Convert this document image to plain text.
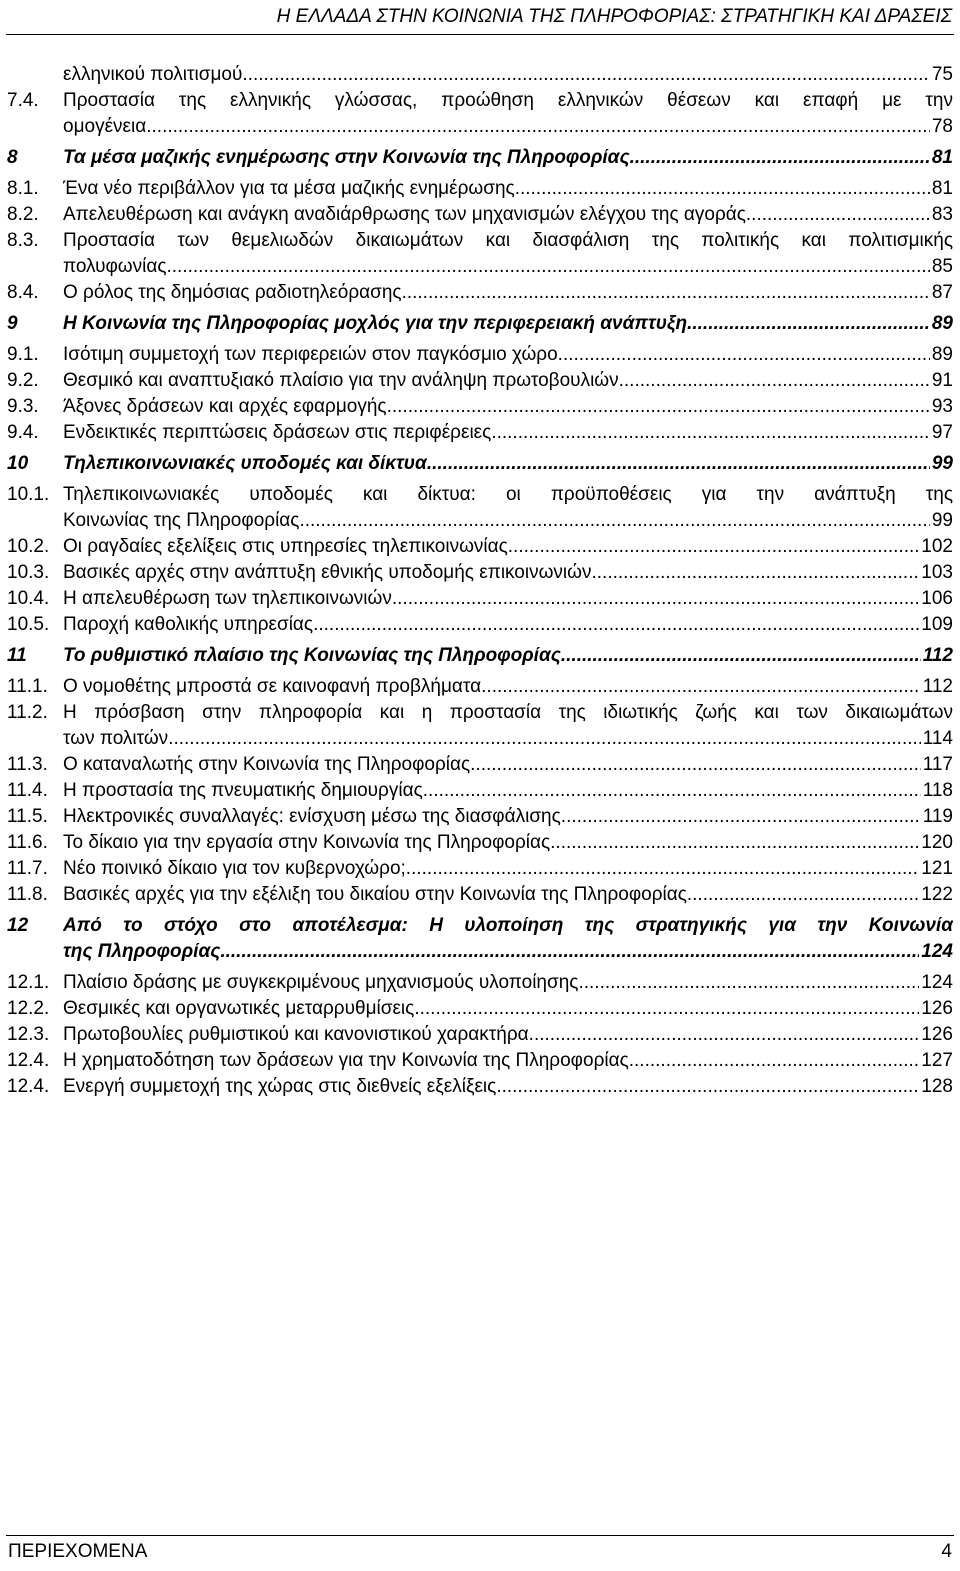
Η ΕΛΛΑΔΑ ΣΤΗΝ ΚΟΙΝΩΝΙΑ ΤΗΣ ΠΛΗΡΟΦΟΡΙΑΣ: ΣΤΡΑΤΗΓΙΚΗ ΚΑΙ ΔΡΑΣΕΙΣ
ελληνικού πολιτισμού .....	75
7.4.	Προστασία της ελληνικής γλώσσας, προώθηση ελληνικών θέσεων και επαφή με την
ομογένεια .....	78
8	Τα μέσα μαζικής ενημέρωσης στην Κοινωνία της Πληροφορίας .....	81
8.1.	Ένα νέο περιβάλλον για τα μέσα μαζικής ενημέρωσης .....	81
8.2.	Απελευθέρωση και ανάγκη αναδιάρθρωσης των μηχανισμών ελέγχου της αγοράς .....	83
8.3.	Προστασία των θεμελιωδών δικαιωμάτων και διασφάλιση της πολιτικής και πολιτισμικής
πολυφωνίας .....	85
8.4.	Ο ρόλος της δημόσιας ραδιοτηλεόρασης .....	87
9	Η Κοινωνία της Πληροφορίας μοχλός για την περιφερειακή ανάπτυξη .....	89
9.1.	Ισότιμη συμμετοχή των περιφερειών στον παγκόσμιο χώρο .....	89
9.2.	Θεσμικό και αναπτυξιακό πλαίσιο για την ανάληψη πρωτοβουλιών .....	91
9.3.	Άξονες δράσεων και αρχές εφαρμογής .....	93
9.4.	Ενδεικτικές περιπτώσεις δράσεων στις περιφέρειες .....	97
10	Τηλεπικοινωνιακές υποδομές και δίκτυα .....	99
10.1. Τηλεπικοινωνιακές υποδομές και δίκτυα: οι προϋποθέσεις για την ανάπτυξη της
Κοινωνίας της Πληροφορίας .....	99
10.2. Οι ραγδαίες εξελίξεις στις υπηρεσίες τηλεπικοινωνίας .....	102
10.3. Βασικές αρχές στην ανάπτυξη εθνικής υποδομής επικοινωνιών .....	103
10.4. Η απελευθέρωση των τηλεπικοινωνιών .....	106
10.5. Παροχή καθολικής υπηρεσίας .....	109
11	Το ρυθμιστικό πλαίσιο της Κοινωνίας της Πληροφορίας .....	112
11.1. Ο νομοθέτης μπροστά σε καινοφανή προβλήματα .....	112
11.2. Η πρόσβαση στην πληροφορία και η προστασία της ιδιωτικής ζωής και των δικαιωμάτων
των πολιτών .....	114
11.3. Ο καταναλωτής στην Κοινωνία της Πληροφορίας .....	117
11.4. Η προστασία της πνευματικής δημιουργίας .....	118
11.5. Ηλεκτρονικές συναλλαγές: ενίσχυση μέσω της διασφάλισης .....	119
11.6. Το δίκαιο για την εργασία στην Κοινωνία της Πληροφορίας .....	120
11.7. Νέο ποινικό δίκαιο για τον κυβερνοχώρο; .....	121
11.8. Βασικές αρχές για την εξέλιξη του δικαίου στην Κοινωνία της Πληροφορίας .....	122
12	Από το στόχο στο αποτέλεσμα: Η υλοποίηση της στρατηγικής για την Κοινωνία
της Πληροφορίας .....	124
12.1. Πλαίσιο δράσης με συγκεκριμένους μηχανισμούς υλοποίησης .....	124
12.2. Θεσμικές και οργανωτικές μεταρρυθμίσεις .....	126
12.3. Πρωτοβουλίες ρυθμιστικού και κανονιστικού χαρακτήρα .....	126
12.4. Η χρηματοδότηση των δράσεων για την Κοινωνία της Πληροφορίας .....	127
12.4. Ενεργή συμμετοχή της χώρας στις διεθνείς εξελίξεις .....	128
ΠΕΡΙΕΧΟΜΕΝΑ	4
